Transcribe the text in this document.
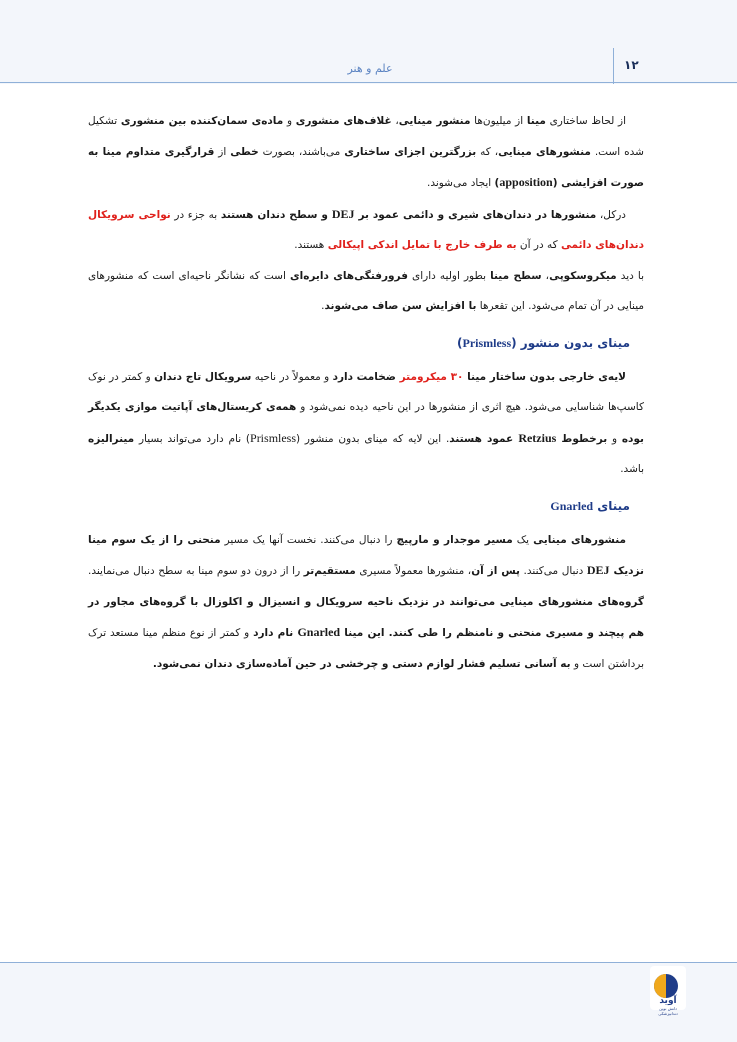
۱۲
علم و هنر

از لحاظ ساختاری مینا از میلیون‌ها منشور مینایی، غلاف‌های منشوری و ماده‌ی سمان‌کننده بین منشوری تشکیل شده است. منشورهای مینایی، که بزرگترین اجزای ساختاری می‌باشند، بصورت خطی از قرارگیری متداوم مینا به صورت افزایشی (apposition) ایجاد می‌شوند.

درکل، منشورها در دندان‌های شیری و دائمی عمود بر DEJ و سطح دندان هستند به جزء در نواحی سرویکال دندان‌های دائمی که در آن به طرف خارج با تمایل اندکی اپیکالی هستند.

با دید میکروسکوپی، سطح مینا بطور اولیه دارای فرورفتگی‌های دایره‌ای است که نشانگر ناحیه‌ای است که منشورهای مینایی در آن تمام می‌شود. این تقعرها با افزایش سن صاف می‌شوند.

مینای بدون منشور (Prismless)

لایه‌ی خارجی بدون ساختار مینا ۳۰ میکرومتر ضخامت دارد و معمولاً در ناحیه سرویکال تاج دندان و کمتر در نوک کاسپ‌ها شناسایی می‌شود. هیچ اثری از منشورها در این ناحیه دیده نمی‌شود و همه‌ی کریستال‌های آپاتیت موازی یکدیگر بوده و برخطوط Retzius عمود هستند. این لایه که مینای بدون منشور (Prismless) نام دارد می‌تواند بسیار مینرالیزه باشد.

مینای Gnarled

منشورهای مینایی یک مسیر موجدار و مارپیچ را دنبال می‌کنند. نخست آنها یک مسیر منحنی را از یک سوم مینا نزدیک DEJ دنبال می‌کنند. پس از آن، منشورها معمولاً مسیری مستقیم‌تر را از درون دو سوم مینا به سطح دنبال می‌نمایند. گروه‌های منشورهای مینایی می‌توانند در نزدیک ناحیه سرویکال و انسیزال و اکلوزال با گروه‌های مجاور در هم پیچند و مسیری منحنی و نامنظم را طی کنند. این مینا Gnarled نام دارد و کمتر از نوع منظم مینا مستعد ترک برداشتن است و به آسانی تسلیم فشار لوازم دستی و چرخشی در حین آماده‌سازی دندان نمی‌شود.

آوید
دانش نوین دندانپزشکی
